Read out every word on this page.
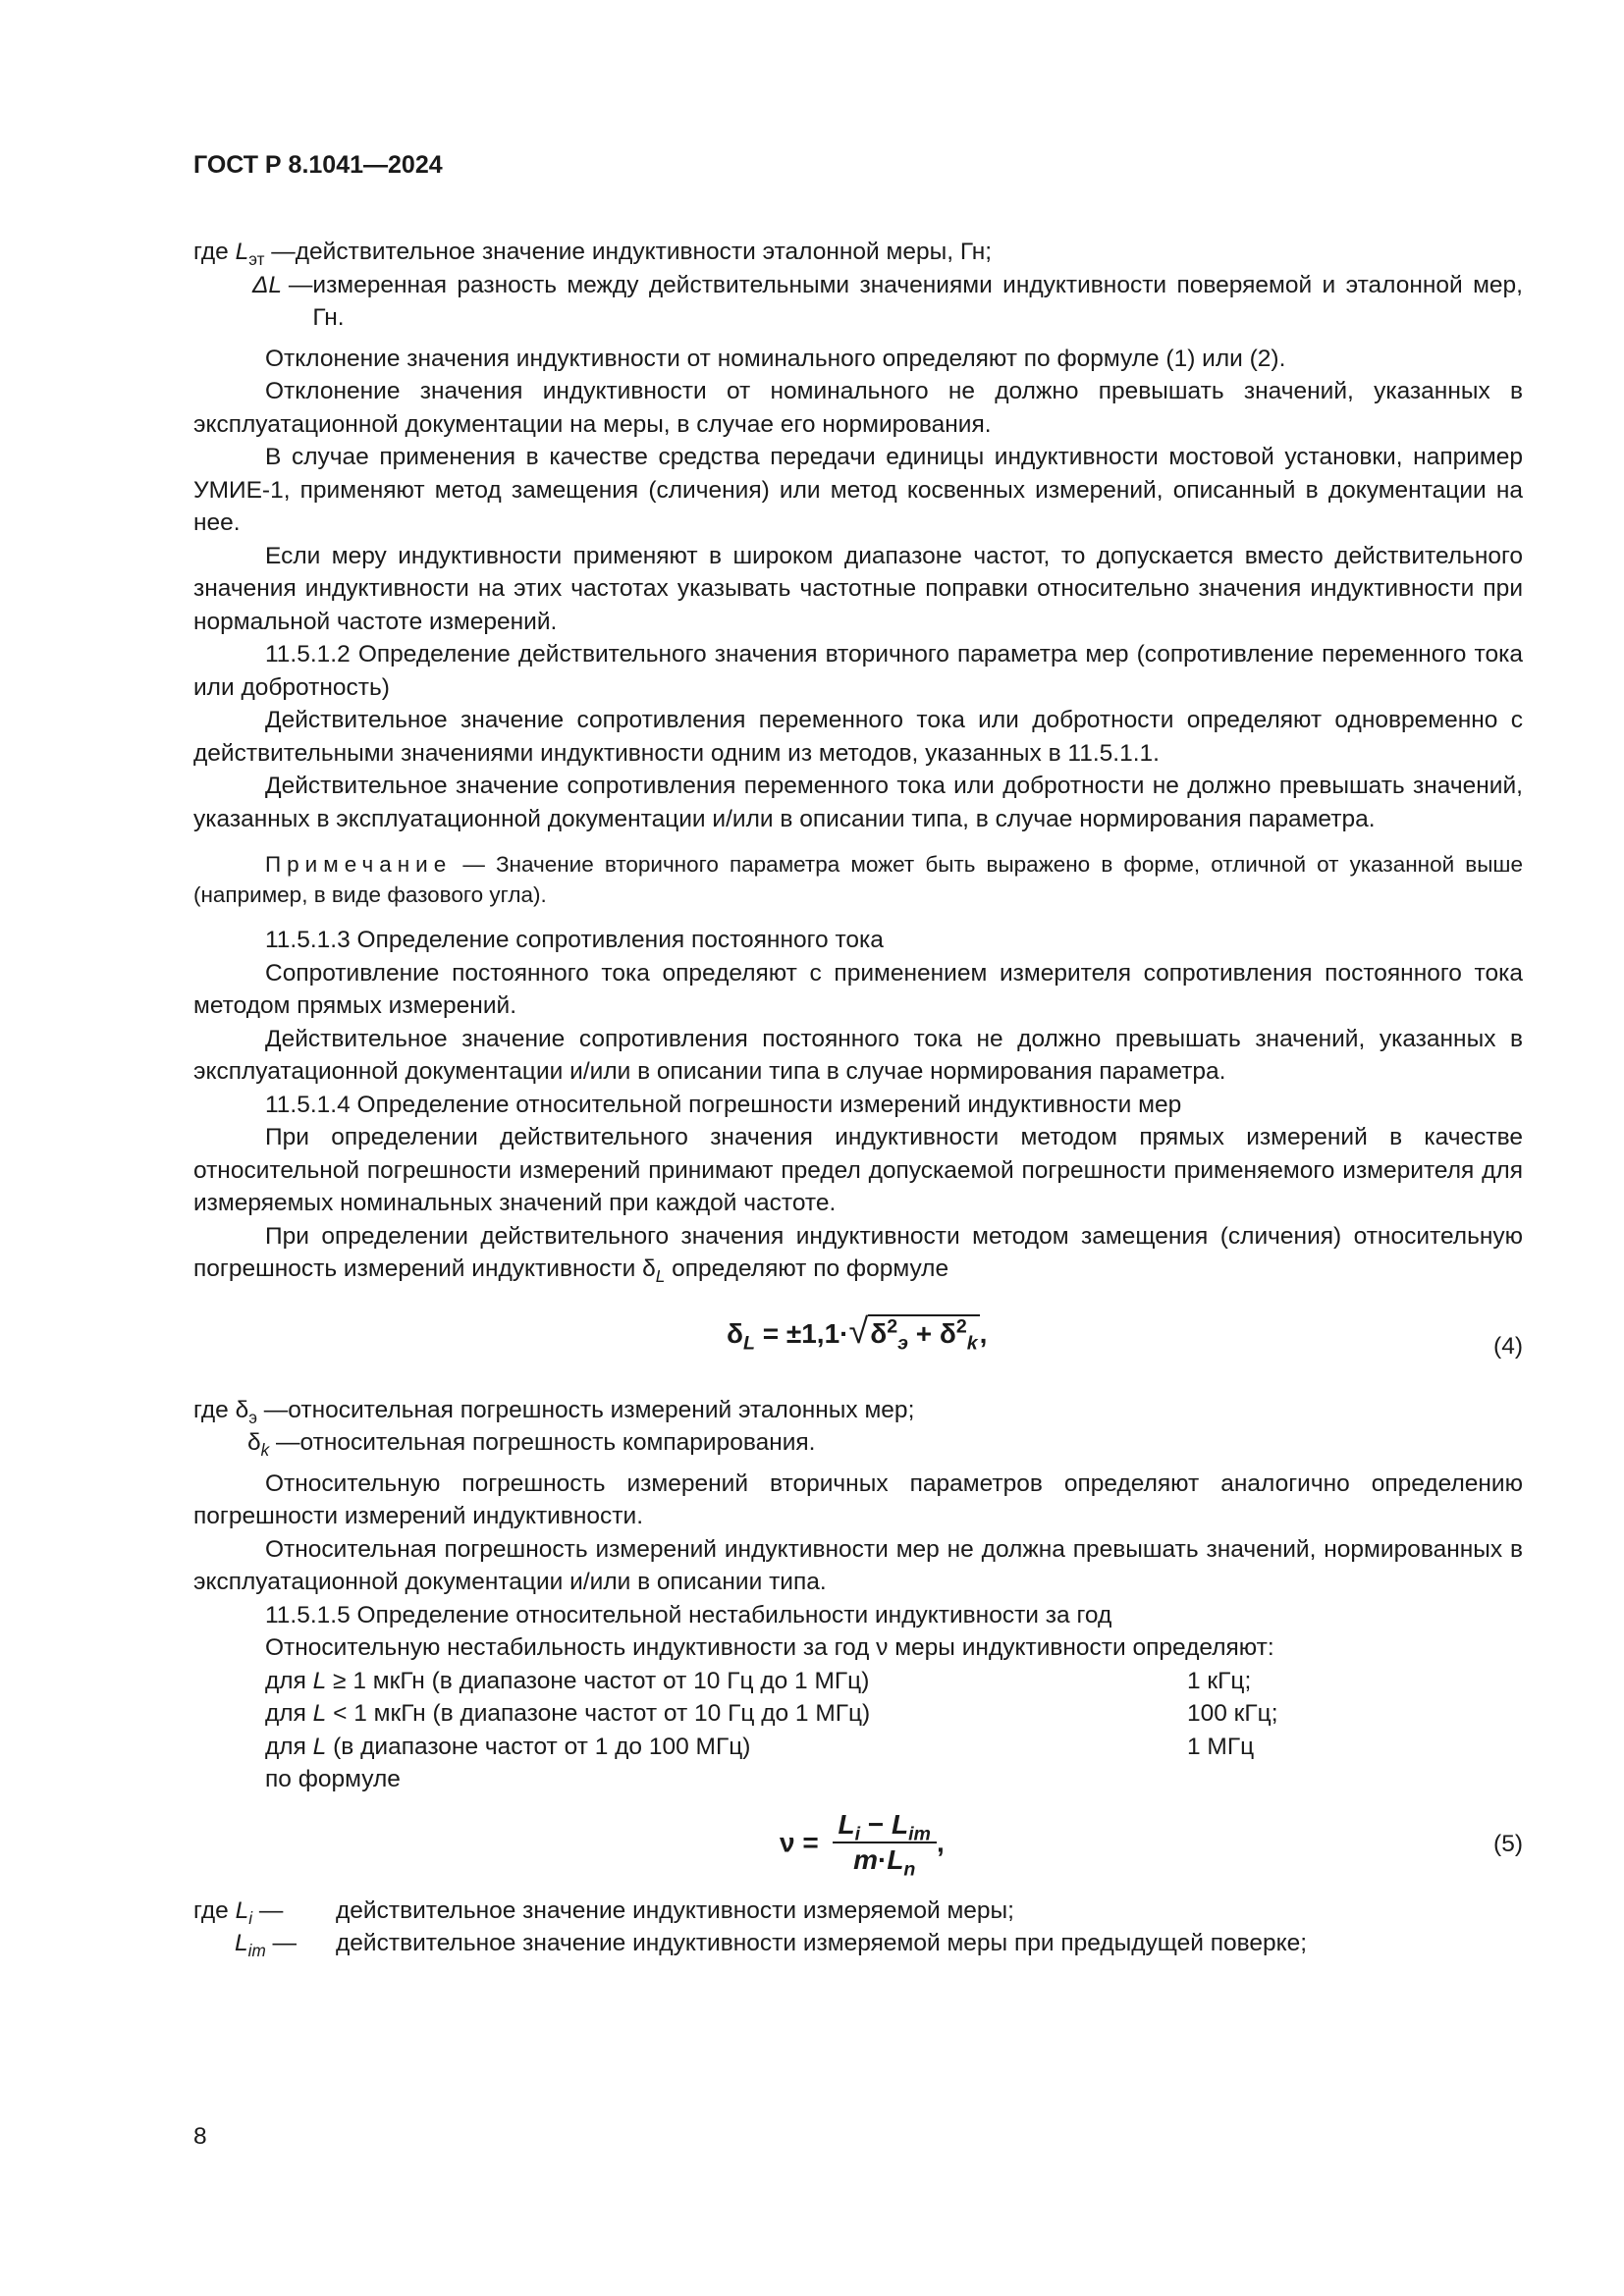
ГОСТ Р 8.1041—2024
где $L_{эт}$ — действительное значение индуктивности эталонной меры, Гн;
ΔL — измеренная разность между действительными значениями индуктивности поверяемой и эталонной мер, Гн.

Отклонение значения индуктивности от номинального определяют по формуле (1) или (2).

Отклонение значения индуктивности от номинального не должно превышать значений, указанных в эксплуатационной документации на меры, в случае его нормирования.

В случае применения в качестве средства передачи единицы индуктивности мостовой установки, например УМИЕ-1, применяют метод замещения (сличения) или метод косвенных измерений, описанный в документации на нее.

Если меру индуктивности применяют в широком диапазоне частот, то допускается вместо действительного значения индуктивности на этих частотах указывать частотные поправки относительно значения индуктивности при нормальной частоте измерений.

11.5.1.2 Определение действительного значения вторичного параметра мер (сопротивление переменного тока или добротность)

Действительное значение сопротивления переменного тока или добротности определяют одновременно с действительными значениями индуктивности одним из методов, указанных в 11.5.1.1.

Действительное значение сопротивления переменного тока или добротности не должно превышать значений, указанных в эксплуатационной документации и/или в описании типа, в случае нормирования параметра.

Примечание — Значение вторичного параметра может быть выражено в форме, отличной от указанной выше (например, в виде фазового угла).

11.5.1.3 Определение сопротивления постоянного тока

Сопротивление постоянного тока определяют с применением измерителя сопротивления постоянного тока методом прямых измерений.

Действительное значение сопротивления постоянного тока не должно превышать значений, указанных в эксплуатационной документации и/или в описании типа в случае нормирования параметра.

11.5.1.4 Определение относительной погрешности измерений индуктивности мер

При определении действительного значения индуктивности методом прямых измерений в качестве относительной погрешности измерений принимают предел допускаемой погрешности применяемого измерителя для измеряемых номинальных значений при каждой частоте.

При определении действительного значения индуктивности методом замещения (сличения) относительную погрешность измерений индуктивности $\delta_L$ определяют по формуле

$\delta_L = \pm 1,1\cdot√\delta^2_э + \delta^2_k$,	(4)
где $\delta_э$ — относительная погрешность измерений эталонных мер;
$\delta_k$ — относительная погрешность компарирования.

Относительную погрешность измерений вторичных параметров определяют аналогично определению погрешности измерений индуктивности.

Относительная погрешность измерений индуктивности мер не должна превышать значений, нормированных в эксплуатационной документации и/или в описании типа.

11.5.1.5 Определение относительной нестабильности индуктивности за год

Относительную нестабильность индуктивности за год ν меры индуктивности определяют:

для L ≥ 1 мкГн (в диапазоне частот от 10 Гц до 1 МГц)	1 кГц;
для L < 1 мкГн (в диапазоне частот от 10 Гц до 1 МГц)	100 кГц;
для L (в диапазоне частот от 1 до 100 МГц)	1 МГц
по формуле
$\nu = \frac{L_i - L_{im}}{m\cdot L_n}$ ,	(5)
где $L_i$ —	действительное значение индуктивности измеряемой меры;
$L_{im}$ —	действительное значение индуктивности измеряемой меры при предыдущей поверке;
8
